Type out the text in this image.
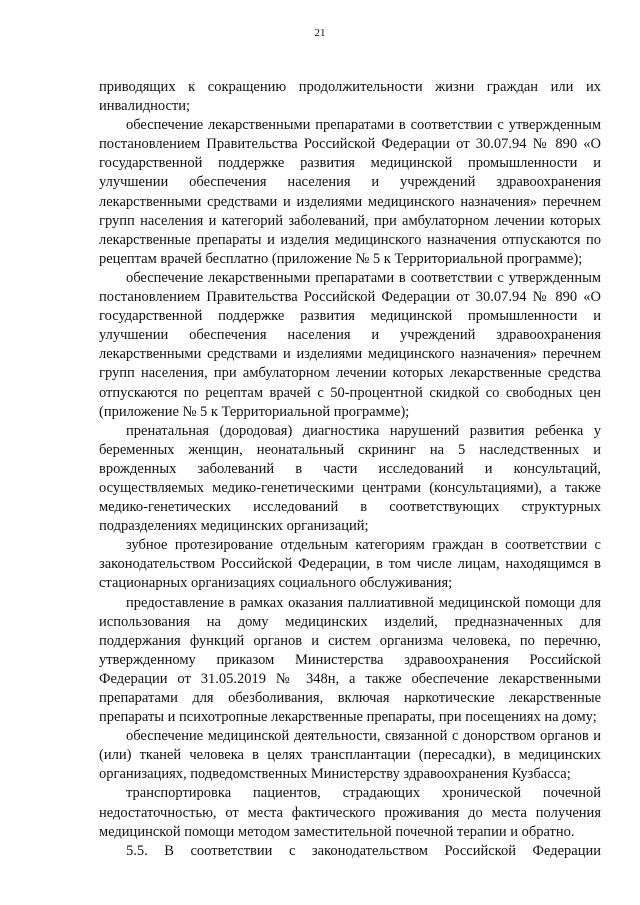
21

приводящих к сокращению продолжительности жизни граждан или их инвалидности;

обеспечение лекарственными препаратами в соответствии с утвержденным постановлением Правительства Российской Федерации от 30.07.94 № 890 «О государственной поддержке развития медицинской промышленности и улучшении обеспечения населения и учреждений здравоохранения лекарственными средствами и изделиями медицинского назначения» перечнем групп населения и категорий заболеваний, при амбулаторном лечении которых лекарственные препараты и изделия медицинского назначения отпускаются по рецептам врачей бесплатно (приложение № 5 к Территориальной программе);

обеспечение лекарственными препаратами в соответствии с утвержденным постановлением Правительства Российской Федерации от 30.07.94 № 890 «О государственной поддержке развития медицинской промышленности и улучшении обеспечения населения и учреждений здравоохранения лекарственными средствами и изделиями медицинского назначения» перечнем групп населения, при амбулаторном лечении которых лекарственные средства отпускаются по рецептам врачей с 50-процентной скидкой со свободных цен (приложение № 5 к Территориальной программе);

пренатальная (дородовая) диагностика нарушений развития ребенка у беременных женщин, неонатальный скрининг на 5 наследственных и врожденных заболеваний в части исследований и консультаций, осуществляемых медико-генетическими центрами (консультациями), а также медико-генетических исследований в соответствующих структурных подразделениях медицинских организаций;

зубное протезирование отдельным категориям граждан в соответствии с законодательством Российской Федерации, в том числе лицам, находящимся в стационарных организациях социального обслуживания;

предоставление в рамках оказания паллиативной медицинской помощи для использования на дому медицинских изделий, предназначенных для поддержания функций органов и систем организма человека, по перечню, утвержденному приказом Министерства здравоохранения Российской Федерации от 31.05.2019 № 348н, а также обеспечение лекарственными препаратами для обезболивания, включая наркотические лекарственные препараты и психотропные лекарственные препараты, при посещениях на дому;

обеспечение медицинской деятельности, связанной с донорством органов и (или) тканей человека в целях трансплантации (пересадки), в медицинских организациях, подведомственных Министерству здравоохранения Кузбасса;

транспортировка пациентов, страдающих хронической почечной недостаточностью, от места фактического проживания до места получения медицинской помощи методом заместительной почечной терапии и обратно.

5.5. В соответствии с законодательством Российской Федерации
